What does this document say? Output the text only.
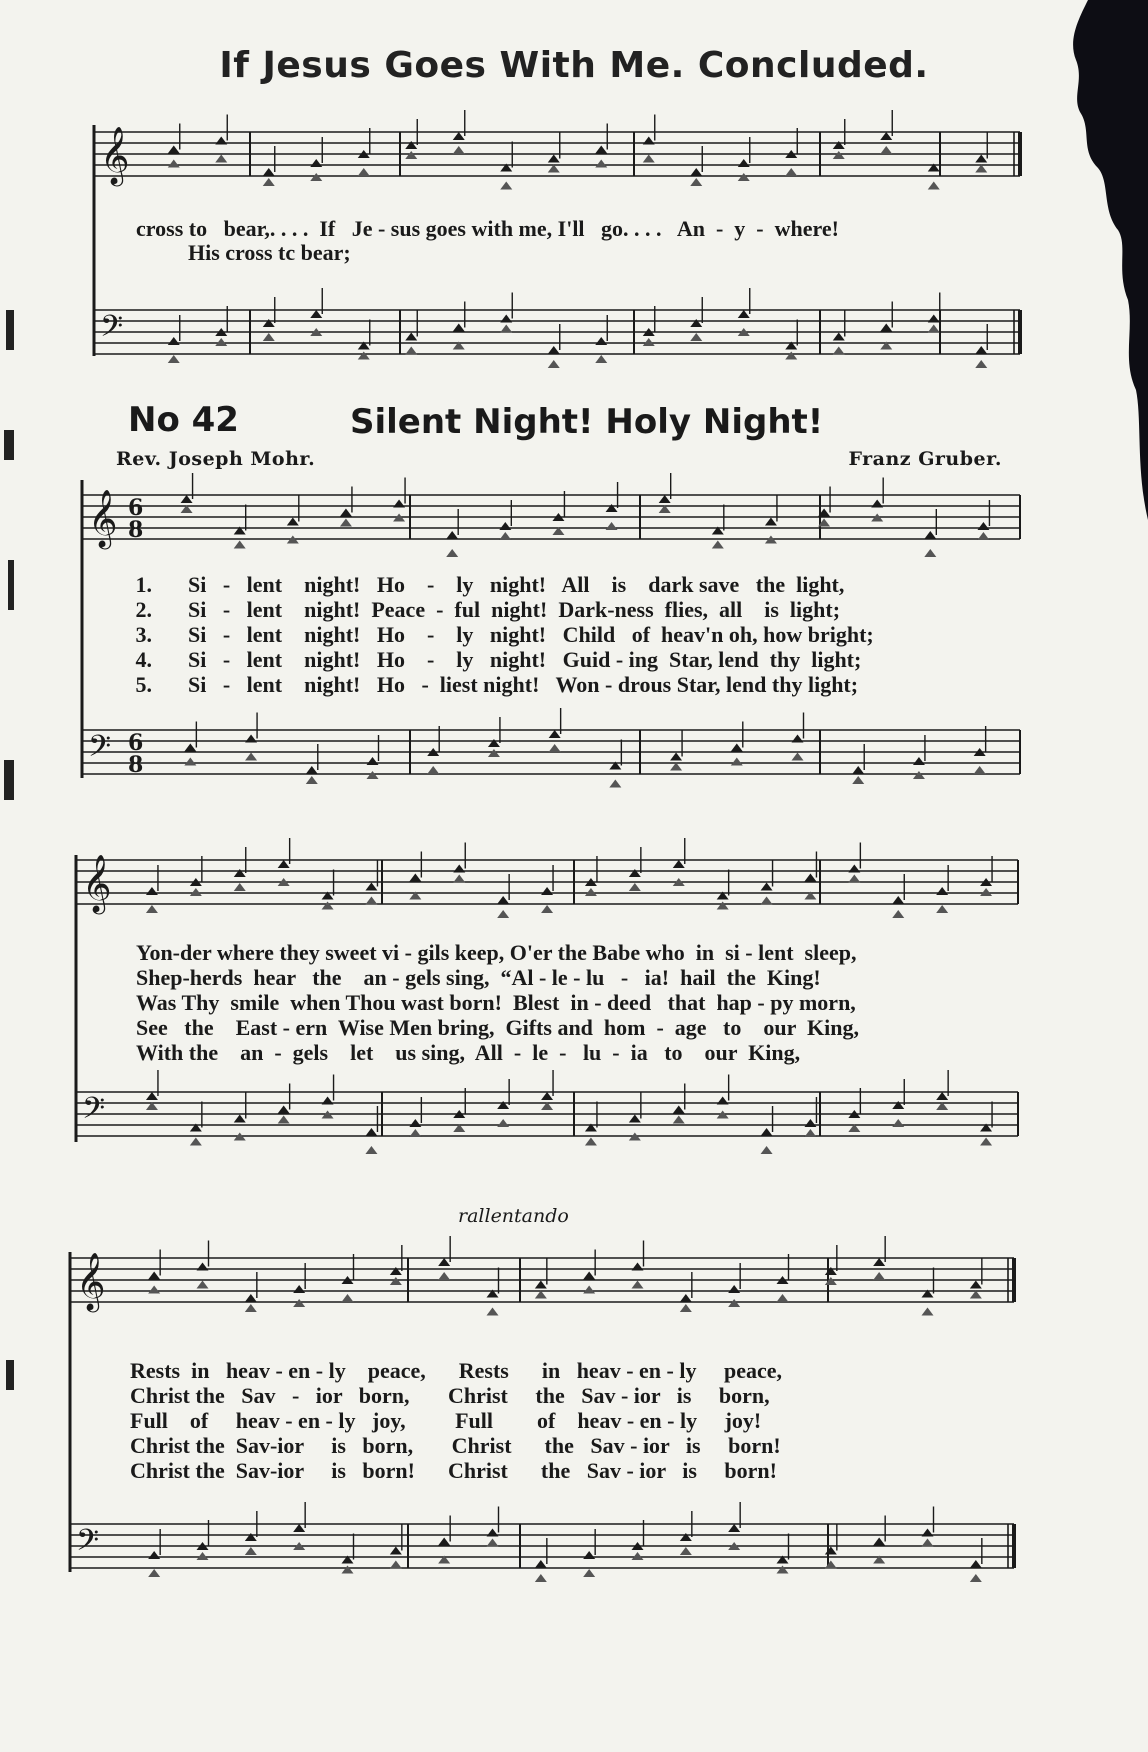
If Jesus Goes With Me. Concluded.
No 42	Silent Night! Holy Night!
Rev. Joseph Mohr.	Franz Gruber.
rallentando
𝄞
𝄢
𝄞 6
8
𝄢 6
8
𝄞
𝄢
𝄞
𝄢
cross to   bear,. . . .  If   Je - sus goes with me, I'll   go. . . .   An  -  y  -  where!
His cross tc bear;
1. Si   -   lent    night!   Ho    -    ly   night!   All    is    dark save   the  light,
2. Si   -   lent    night!  Peace  -  ful  night!  Dark-ness  flies,  all    is  light;
3. Si   -   lent    night!   Ho    -    ly   night!   Child   of  heav'n oh, how bright;
4. Si   -   lent    night!   Ho    -    ly   night!   Guid - ing  Star, lend  thy  light;
5. Si   -   lent    night!   Ho   -  liest night!   Won - drous Star, lend thy light;
Yon-der where they sweet vi - gils keep, O'er the Babe who  in  si - lent  sleep,
Shep-herds  hear   the    an - gels sing,  “Al - le - lu   -   ia!  hail  the  King!
Was Thy  smile  when Thou wast born!  Blest  in - deed   that  hap - py morn,
See   the    East - ern  Wise Men bring,  Gifts and  hom  -  age   to    our  King,
With the    an  -  gels    let    us sing,  All  -  le  -   lu  -  ia   to    our  King,
Rests  in   heav - en - ly    peace,      Rests      in   heav - en - ly     peace,
Christ the   Sav   -   ior   born,       Christ     the   Sav - ior   is     born,
Full    of     heav - en - ly   joy,         Full        of    heav - en - ly     joy!
Christ the  Sav-ior     is   born,       Christ      the   Sav - ior   is     born!
Christ the  Sav-ior     is   born!      Christ      the   Sav - ior   is     born!
